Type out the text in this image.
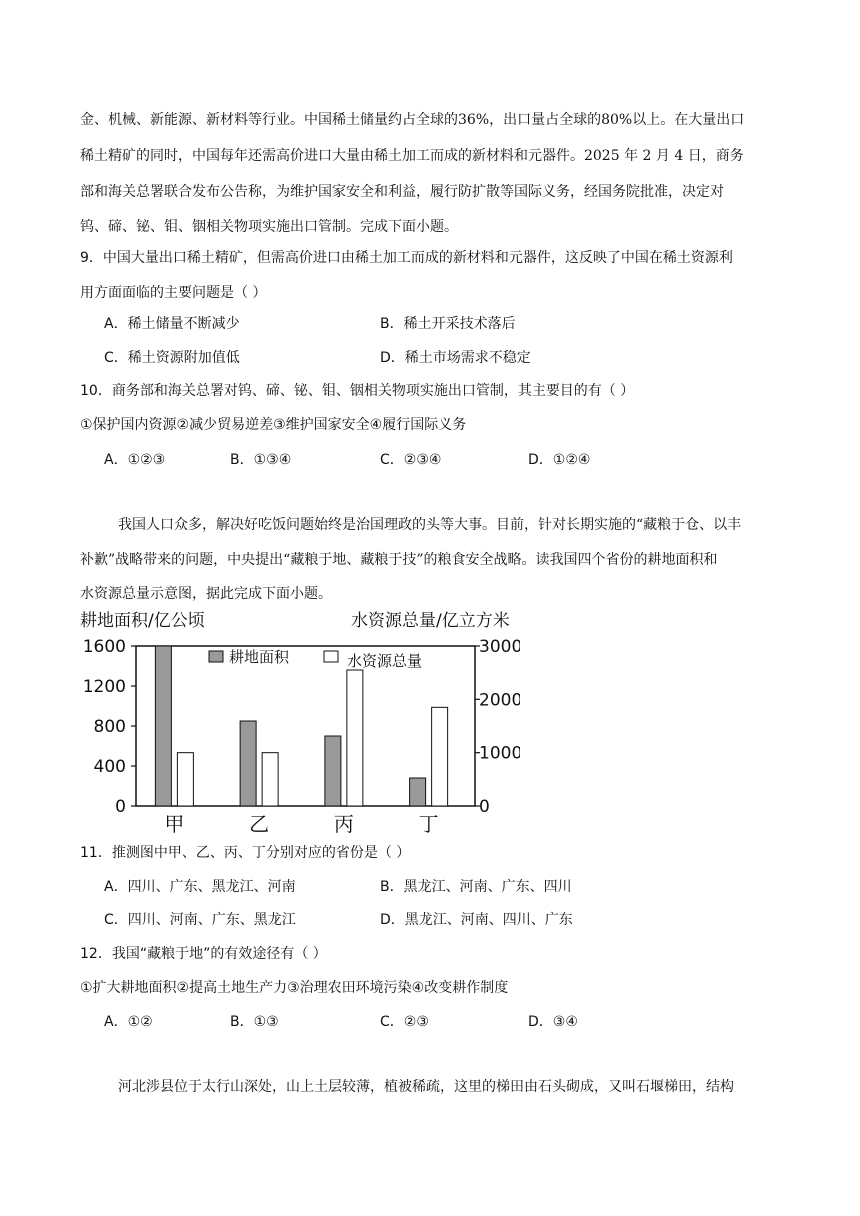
金、机械、新能源、新材料等行业。中国稀土储量约占全球的36%，出口量占全球的80%以上。在大量出口
稀土精矿的同时，中国每年还需高价进口大量由稀土加工而成的新材料和元器件。2025 年 2 月 4 日，商务
部和海关总署联合发布公告称，为维护国家安全和利益，履行防扩散等国际义务，经国务院批准，决定对
钨、碲、铋、钼、铟相关物项实施出口管制。完成下面小题。
9．中国大量出口稀土精矿，但需高价进口由稀土加工而成的新材料和元器件，这反映了中国在稀土资源利
用方面面临的主要问题是（ ）
A．稀土储量不断减少	B．稀土开采技术落后
C．稀土资源附加值低	D．稀土市场需求不稳定
10．商务部和海关总署对钨、碲、铋、钼、铟相关物项实施出口管制，其主要目的有（ ）
①保护国内资源②减少贸易逆差③维护国家安全④履行国际义务
A．①②③	B．①③④	C．②③④	D．①②④
我国人口众多，解决好吃饭问题始终是治国理政的头等大事。目前，针对长期实施的“藏粮于仓、以丰
补歉”战略带来的问题，中央提出“藏粮于地、藏粮于技”的粮食安全战略。读我国四个省份的耕地面积和
水资源总量示意图，据此完成下面小题。
耕地面积/亿公顷	水资源总量/亿立方米
0
400
800
1200
1600
0
1000
2000
3000
甲	乙	丙	丁
耕地面积	水资源总量
11．推测图中甲、乙、丙、丁分别对应的省份是（ ）
A．四川、广东、黑龙江、河南	B．黑龙江、河南、广东、四川
C．四川、河南、广东、黑龙江	D．黑龙江、河南、四川、广东
12．我国“藏粮于地”的有效途径有（ ）
①扩大耕地面积②提高土地生产力③治理农田环境污染④改变耕作制度
A．①②	B．①③	C．②③	D．③④
河北涉县位于太行山深处，山上土层较薄，植被稀疏，这里的梯田由石头砌成，又叫石堰梯田，结构
